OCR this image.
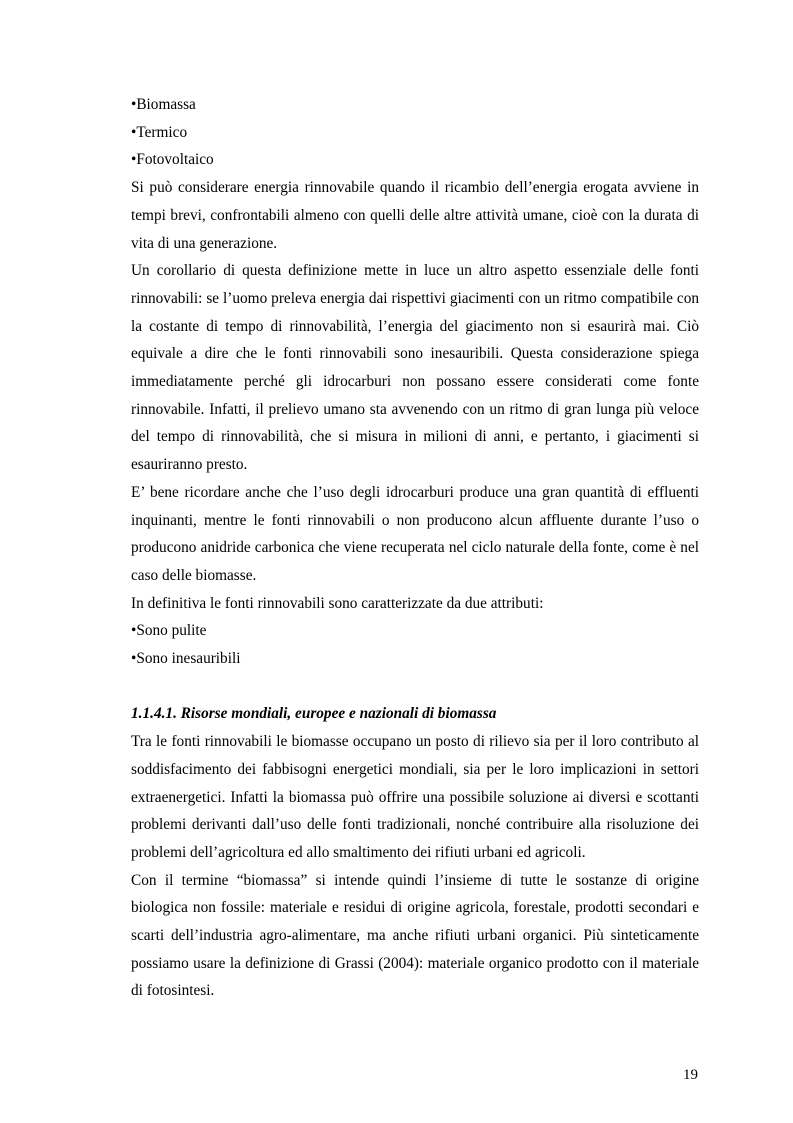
•Biomassa
•Termico
•Fotovoltaico

Si può considerare energia rinnovabile quando il ricambio dell’energia erogata avviene in tempi brevi, confrontabili almeno con quelli delle altre attività umane, cioè con la durata di vita di una generazione.

Un corollario di questa definizione mette in luce un altro aspetto essenziale delle fonti rinnovabili: se l’uomo preleva energia dai rispettivi giacimenti con un ritmo compatibile con la costante di tempo di rinnovabilità, l’energia del giacimento non si esaurirà mai. Ciò equivale a dire che le fonti rinnovabili sono inesauribili. Questa considerazione spiega immediatamente perché gli idrocarburi non possano essere considerati come fonte rinnovabile. Infatti, il prelievo umano sta avvenendo con un ritmo di gran lunga più veloce del tempo di rinnovabilità, che si misura in milioni di anni, e pertanto, i giacimenti si esauriranno presto.

E’ bene ricordare anche che l’uso degli idrocarburi produce una gran quantità di effluenti inquinanti, mentre le fonti rinnovabili o non producono alcun affluente durante l’uso o producono anidride carbonica che viene recuperata nel ciclo naturale della fonte, come è nel caso delle biomasse.

In definitiva le fonti rinnovabili sono caratterizzate da due attributi:

•Sono pulite
•Sono inesauribili

1.1.4.1. Risorse mondiali, europee e nazionali di biomassa

Tra le fonti rinnovabili le biomasse occupano un posto di rilievo sia per il loro contributo al soddisfacimento dei fabbisogni energetici mondiali, sia per le loro implicazioni in settori extraenergetici. Infatti la biomassa può offrire una possibile soluzione ai diversi e scottanti problemi derivanti dall’uso delle fonti tradizionali, nonché contribuire alla risoluzione dei problemi dell’agricoltura ed allo smaltimento dei rifiuti urbani ed agricoli.

Con il termine “biomassa” si intende quindi l’insieme di tutte le sostanze di origine biologica non fossile: materiale e residui di origine agricola, forestale, prodotti secondari e scarti dell’industria agro-alimentare, ma anche rifiuti urbani organici. Più sinteticamente possiamo usare la definizione di Grassi (2004): materiale organico prodotto con il materiale di fotosintesi.

19
